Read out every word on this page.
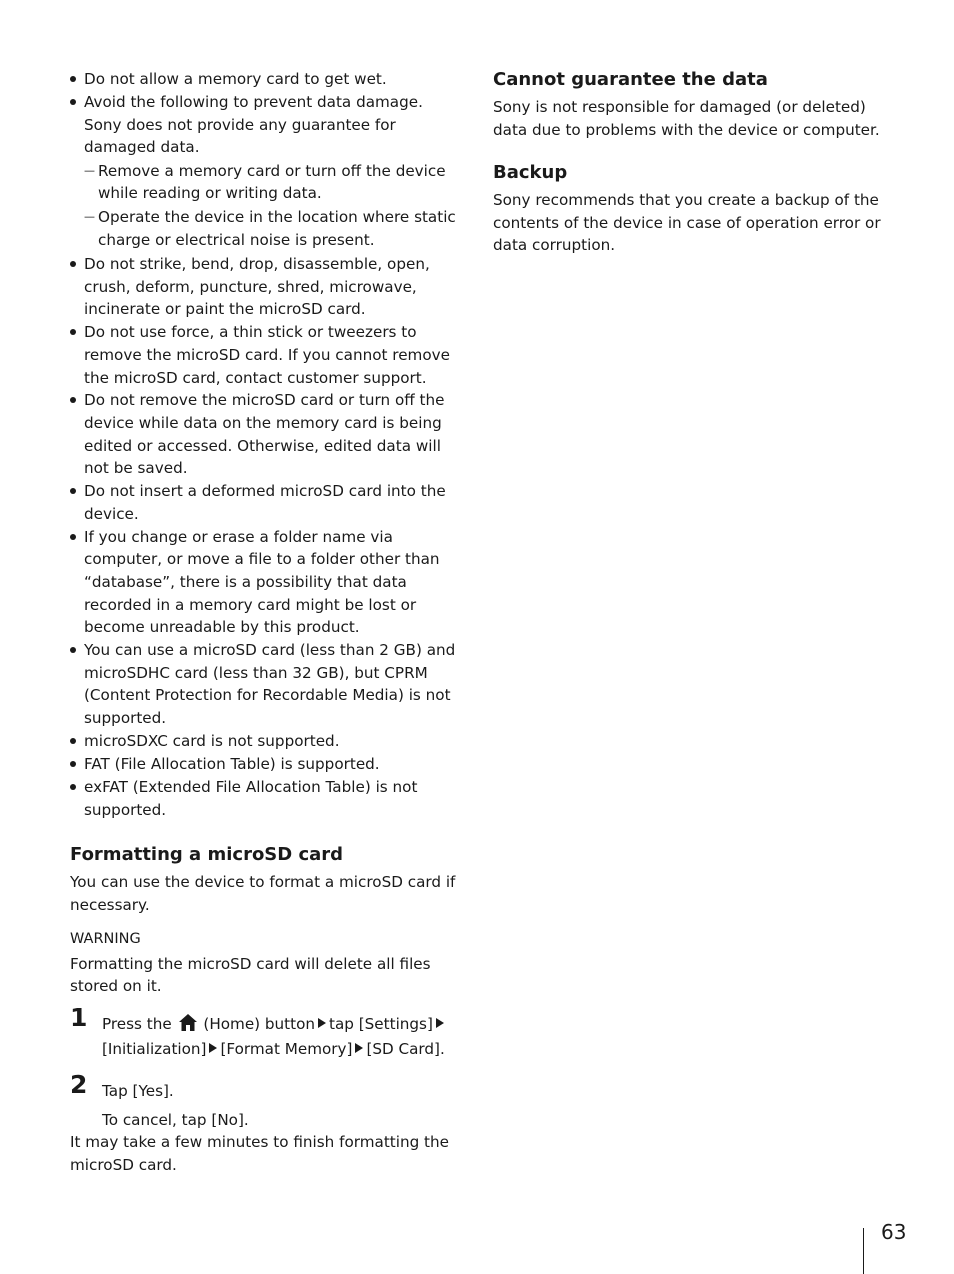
Do not allow a memory card to get wet.
Avoid the following to prevent data damage. Sony does not provide any guarantee for damaged data.
— Remove a memory card or turn off the device while reading or writing data.
— Operate the device in the location where static charge or electrical noise is present.
Do not strike, bend, drop, disassemble, open, crush, deform, puncture, shred, microwave, incinerate or paint the microSD card.
Do not use force, a thin stick or tweezers to remove the microSD card. If you cannot remove the microSD card, contact customer support.
Do not remove the microSD card or turn off the device while data on the memory card is being edited or accessed. Otherwise, edited data will not be saved.
Do not insert a deformed microSD card into the device.
If you change or erase a folder name via computer, or move a file to a folder other than “database”, there is a possibility that data recorded in a memory card might be lost or become unreadable by this product.
You can use a microSD card (less than 2 GB) and microSDHC card (less than 32 GB), but CPRM (Content Protection for Recordable Media) is not supported.
microSDXC card is not supported.
FAT (File Allocation Table) is supported.
exFAT (Extended File Allocation Table) is not supported.
Formatting a microSD card
You can use the device to format a microSD card if necessary.
WARNING
Formatting the microSD card will delete all files stored on it.
1 Press the (Home) button tap [Settings] [Initialization] [Format Memory] [SD Card].
2 Tap [Yes].
To cancel, tap [No].
It may take a few minutes to finish formatting the microSD card.
Cannot guarantee the data
Sony is not responsible for damaged (or deleted) data due to problems with the device or computer.
Backup
Sony recommends that you create a backup of the contents of the device in case of operation error or data corruption.
63
